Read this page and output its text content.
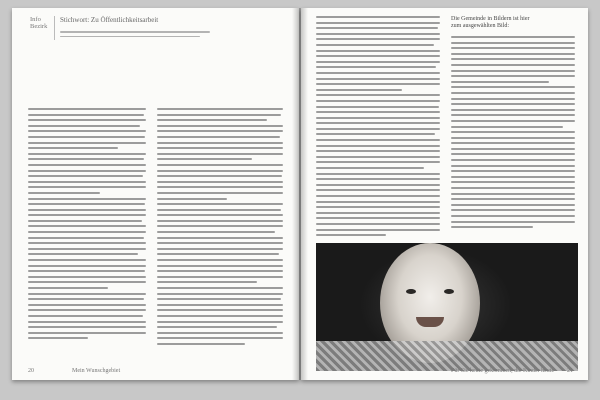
Info Bezirk
Stichwort: Zu Öffentlichkeitsarbeit
20	Mein Wunschgebiet
Die Gemeinde in Bildern ist hier
zum ausgewählten Bild:
Für Sie heute gekommen, die Kinder heute 21
